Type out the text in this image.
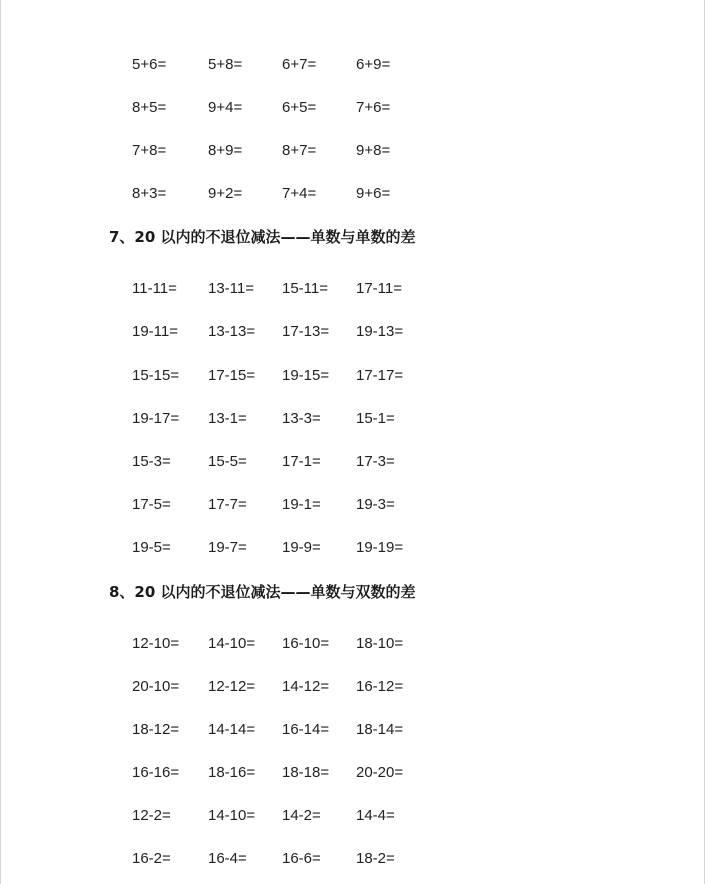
5+6=	5+8=	6+7=	6+9=
8+5=	9+4=	6+5=	7+6=
7+8=	8+9=	8+7=	9+8=
8+3=	9+2=	7+4=	9+6=
7、20 以内的不退位减法——单数与单数的差
11-11= 13-11= 15-11= 17-11=
19-11= 13-13= 17-13= 19-13=
15-15= 17-15= 19-15= 17-17=
19-17= 13-1= 13-3= 15-1=
15-3= 15-5= 17-1= 17-3=
17-5= 17-7= 19-1= 19-3=
19-5= 19-7= 19-9= 19-19=
8、20 以内的不退位减法——单数与双数的差
12-10= 14-10= 16-10= 18-10=
20-10= 12-12= 14-12= 16-12=
18-12= 14-14= 16-14= 18-14=
16-16= 18-16= 18-18= 20-20=
12-2= 14-10= 14-2= 14-4=
16-2= 16-4= 16-6= 18-2=
